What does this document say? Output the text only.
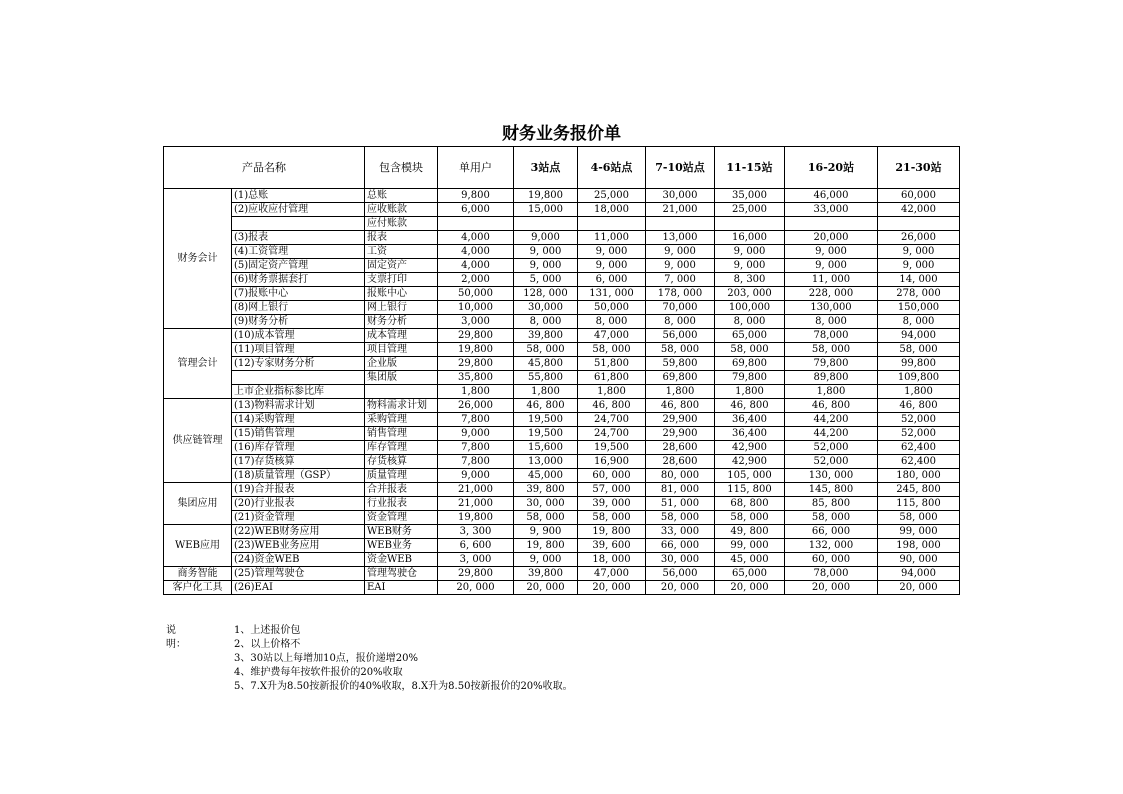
财务业务报价单
产品名称		包含模块	单用户	3站点	4-6站点	7-10站点	11-15站	16-20站	21-30站
财务会计	(1)总账	总账	9,800	19,800	25,000	30,000	35,000	46,000	60,000
	(2)应收应付管理	应收账款	6,000	15,000	18,000	21,000	25,000	33,000	42,000
		应付账款							
	(3)报表	报表	4,000	9,000	11,000	13,000	16,000	20,000	26,000
	(4)工资管理	工资	4,000	9, 000	9, 000	9, 000	9, 000	9, 000	9, 000
	(5)固定资产管理	固定资产	4,000	9, 000	9, 000	9, 000	9, 000	9, 000	9, 000
	(6)财务票据套打	支票打印	2,000	5, 000	6, 000	7, 000	8, 300	11, 000	14, 000
	(7)报账中心	报账中心	50,000	128, 000	131, 000	178, 000	203, 000	228, 000	278, 000
	(8)网上银行	网上银行	10,000	30,000	50,000	70,000	100,000	130,000	150,000
	(9)财务分析	财务分析	3,000	8, 000	8, 000	8, 000	8, 000	8, 000	8, 000
管理会计	(10)成本管理	成本管理	29,800	39,800	47,000	56,000	65,000	78,000	94,000
	(11)项目管理	项目管理	19,800	58, 000	58, 000	58, 000	58, 000	58, 000	58, 000
	(12)专家财务分析	企业版	29,800	45,800	51,800	59,800	69,800	79,800	99,800
		集团版	35,800	55,800	61,800	69,800	79,800	89,800	109,800
	上市企业指标参比库		1,800	1,800	1,800	1,800	1,800	1,800	1,800
供应链管理	(13)物料需求计划	物料需求计划	26,000	46, 800	46, 800	46, 800	46, 800	46, 800	46, 800
	(14)采购管理	采购管理	7,800	19,500	24,700	29,900	36,400	44,200	52,000
	(15)销售管理	销售管理	9,000	19,500	24,700	29,900	36,400	44,200	52,000
	(16)库存管理	库存管理	7,800	15,600	19,500	28,600	42,900	52,000	62,400
	(17)存货核算	存货核算	7,800	13,000	16,900	28,600	42,900	52,000	62,400
	(18)质量管理（GSP）	质量管理	9,000	45,000	60, 000	80, 000	105, 000	130, 000	180, 000
集团应用	(19)合并报表	合并报表	21,000	39, 800	57, 000	81, 000	115, 800	145, 800	245, 800
	(20)行业报表	行业报表	21,000	30, 000	39, 000	51, 000	68, 800	85, 800	115, 800
	(21)资金管理	资金管理	19,800	58, 000	58, 000	58, 000	58, 000	58, 000	58, 000
WEB应用	(22)WEB财务应用	WEB财务	3, 300	9, 900	19, 800	33, 000	49, 800	66, 000	99, 000
	(23)WEB业务应用	WEB业务	6, 600	19, 800	39, 600	66, 000	99, 000	132, 000	198, 000
	(24)资金WEB	资金WEB	3, 000	9, 000	18, 000	30, 000	45, 000	60, 000	90, 000
商务智能	(25)管理驾驶仓	管理驾驶仓	29,800	39,800	47,000	56,000	65,000	78,000	94,000
客户化工具	(26)EAI	EAI	20, 000	20, 000	20, 000	20, 000	20, 000	20, 000	20, 000
说明：
1、上述报价包
2、以上价格不
3、30站以上每增加10点，报价递增20%
4、维护费每年按软件报价的20%收取
5、7.X升为8.50按新报价的40%收取，8.X升为8.50按新报价的20%收取。
